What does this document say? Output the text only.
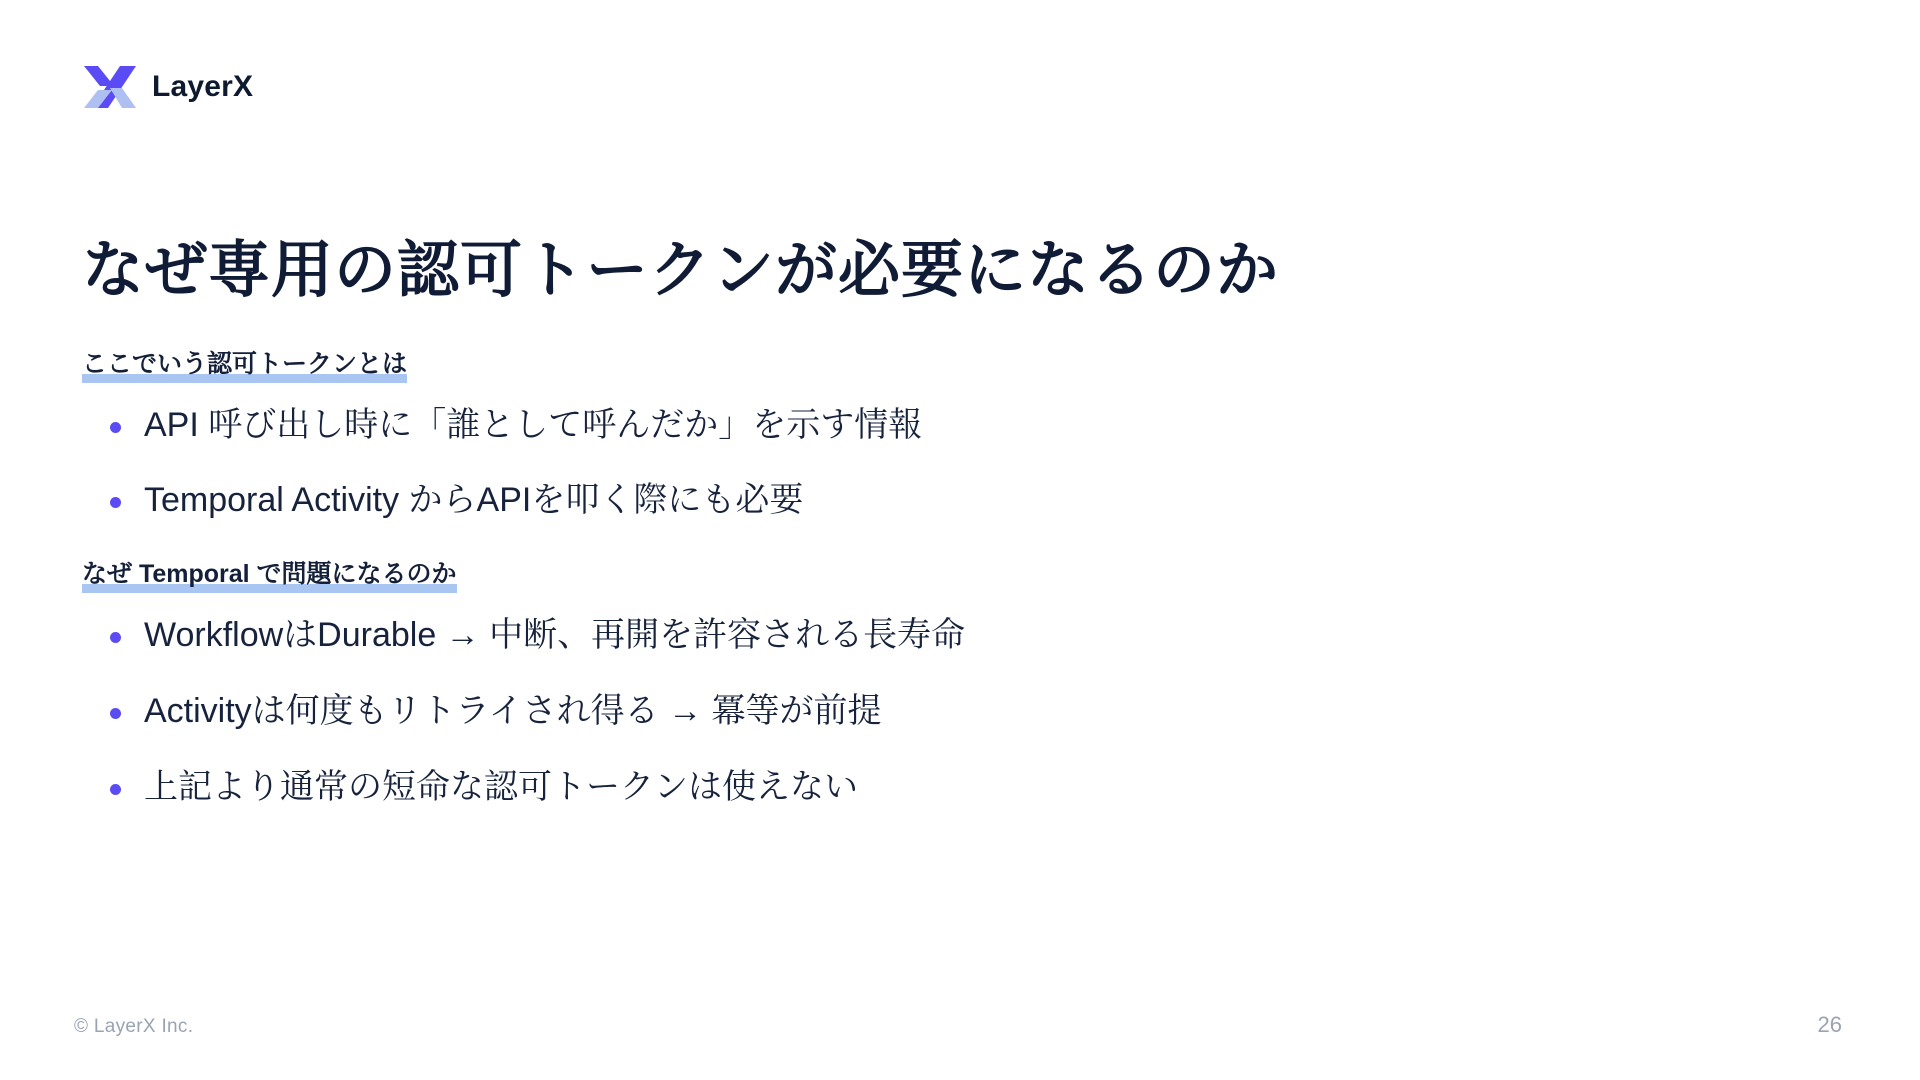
LayerX
なぜ専用の認可トークンが必要になるのか
ここでいう認可トークンとは
API 呼び出し時に「誰として呼んだか」を示す情報
Temporal Activity からAPIを叩く際にも必要
なぜ Temporal で問題になるのか
WorkflowはDurable → 中断、再開を許容される長寿命
Activityは何度もリトライされ得る → 冪等が前提
上記より通常の短命な認可トークンは使えない
© LayerX Inc.	26
